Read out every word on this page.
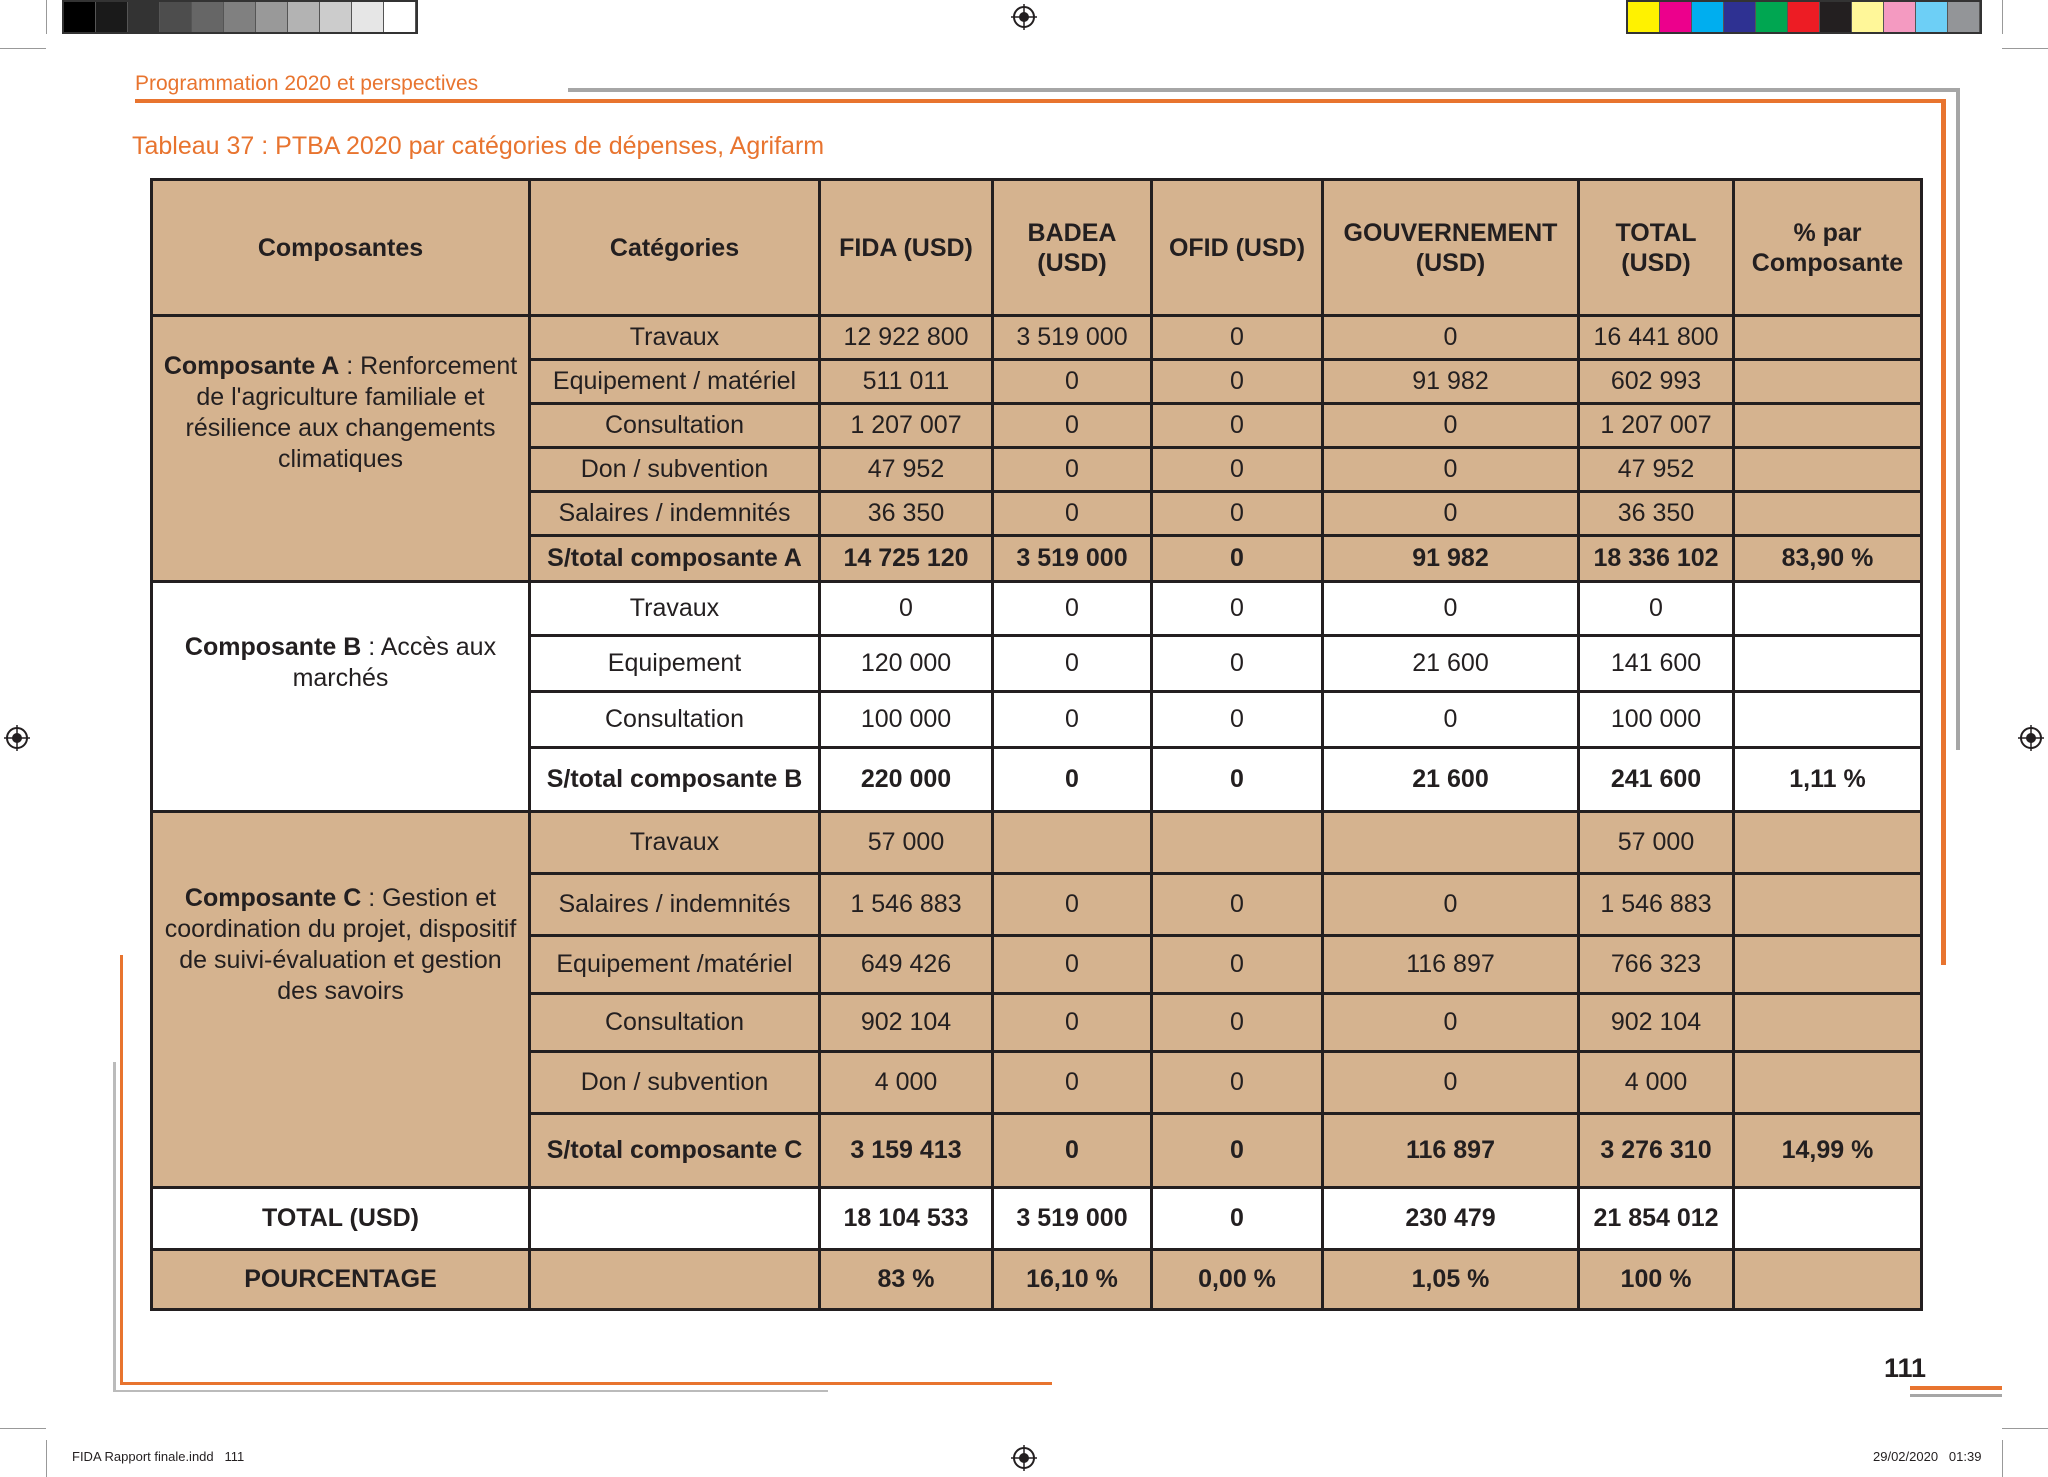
Programmation 2020 et perspectives
Tableau 37 : PTBA 2020 par catégories de dépenses, Agrifarm
Composantes	Catégories	FIDA (USD)	BADEA (USD)	OFID (USD)	GOUVERNEMENT (USD)	TOTAL (USD)	% par Composante
Composante A : Renforcement de l'agriculture familiale et résilience aux changements climatiques	Travaux	12 922 800	3 519 000	0	0	16 441 800	
	Equipement / matériel	511 011	0	0	91 982	602 993	
	Consultation	1 207 007	0	0	0	1 207 007	
	Don / subvention	47 952	0	0	0	47 952	
	Salaires / indemnités	36 350	0	0	0	36 350	
	S/total composante A	14 725 120	3 519 000	0	91 982	18 336 102	83,90 %
Composante B : Accès aux marchés	Travaux	0	0	0	0	0	
	Equipement	120 000	0	0	21 600	141 600	
	Consultation	100 000	0	0	0	100 000	
	S/total composante B	220 000	0	0	21 600	241 600	1,11 %
Composante C : Gestion et coordination du projet, dispositif de suivi-évaluation et gestion des savoirs	Travaux	57 000				57 000	
	Salaires / indemnités	1 546 883	0	0	0	1 546 883	
	Equipement /matériel	649 426	0	0	116 897	766 323	
	Consultation	902 104	0	0	0	902 104	
	Don / subvention	4 000	0	0	0	4 000	
	S/total composante C	3 159 413	0	0	116 897	3 276 310	14,99 %
TOTAL (USD)		18 104 533	3 519 000	0	230 479	21 854 012	
POURCENTAGE		83 %	16,10 %	0,00 %	1,05 %	100 %	
111
FIDA Rapport finale.indd   111	29/02/2020   01:39
